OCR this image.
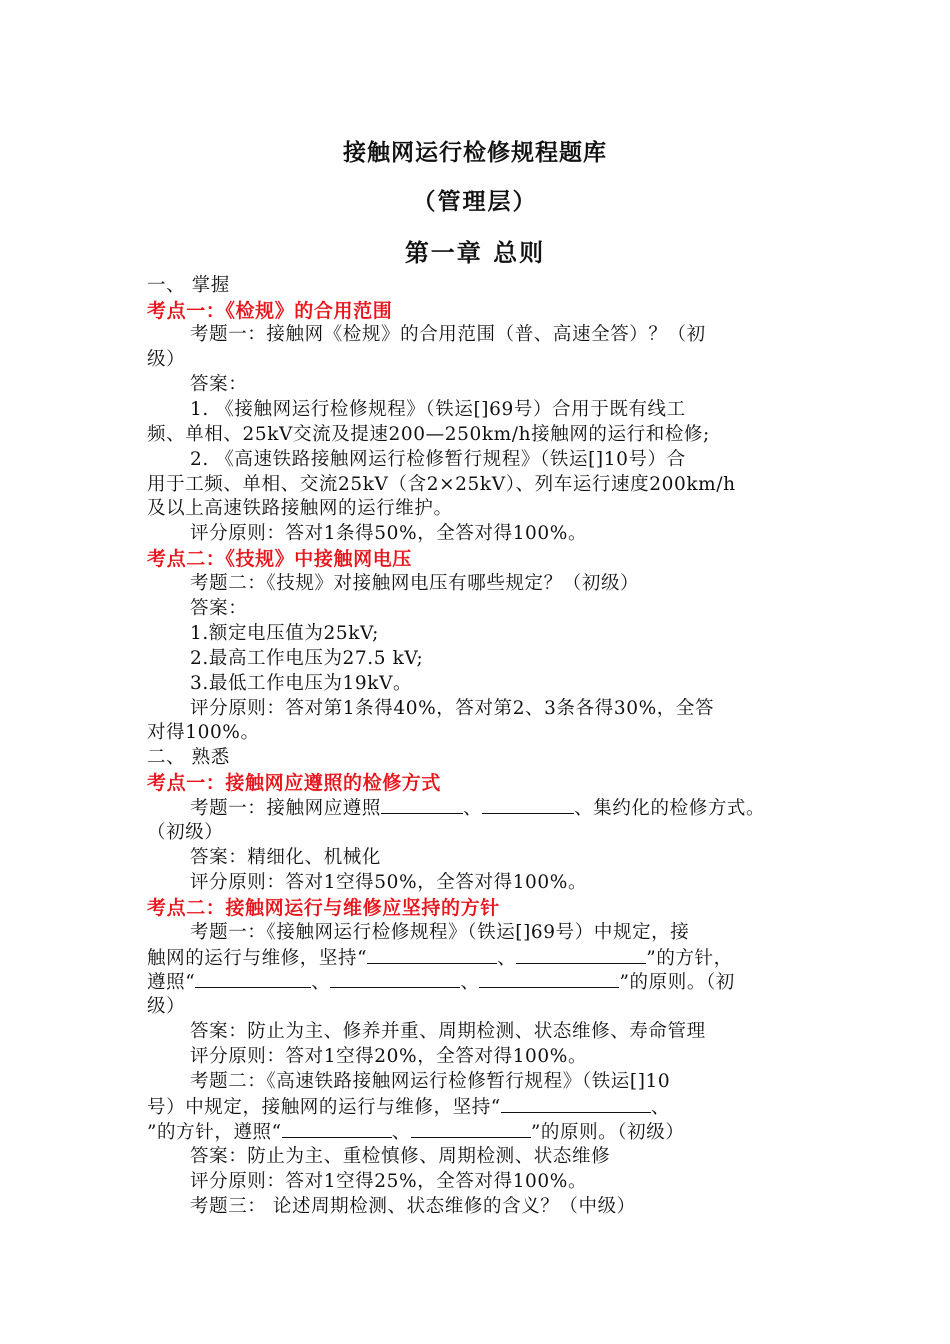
接触网运行检修规程题库
（管理层）
第一章 总则
一、 掌握
考点一：《检规》的合用范围
考题一：接触网《检规》的合用范围（普、高速全答）？（初
级）
答案：
1. 《接触网运行检修规程》（铁运[]69号）合用于既有线工
频、单相、25kV交流及提速200—250km/h接触网的运行和检修;
2. 《高速铁路接触网运行检修暂行规程》（铁运[]10号）合
用于工频、单相、交流25kV（含2×25kV）、列车运行速度200km/h
及以上高速铁路接触网的运行维护。
评分原则：答对1条得50%，全答对得100%。
考点二：《技规》中接触网电压
考题二：《技规》对接触网电压有哪些规定？（初级）
答案：
1.额定电压值为25kV;
2.最高工作电压为27.5 kV;
3.最低工作电压为19kV。
评分原则：答对第1条得40%，答对第2、3条各得30%，全答
对得100%。
二、 熟悉
考点一：接触网应遵照的检修方式
考题一：接触网应遵照	、	、集约化的检修方式。
（初级）
答案：精细化、机械化
评分原则：答对1空得50%，全答对得100%。
考点二：接触网运行与维修应坚持的方针
考题一：《接触网运行检修规程》（铁运[]69号）中规定，接
触网的运行与维修，坚持“	、	”的方针，
遵照“	、	、	”的原则。（初
级）
答案：防止为主、修养并重、周期检测、状态维修、寿命管理
评分原则：答对1空得20%，全答对得100%。
考题二：《高速铁路接触网运行检修暂行规程》（铁运[]10
号）中规定，接触网的运行与维修，坚持“	、
”的方针，遵照“	、	”的原则。（初级）
答案：防止为主、重检慎修、周期检测、状态维修
评分原则：答对1空得25%，全答对得100%。
考题三： 论述周期检测、状态维修的含义？（中级）
